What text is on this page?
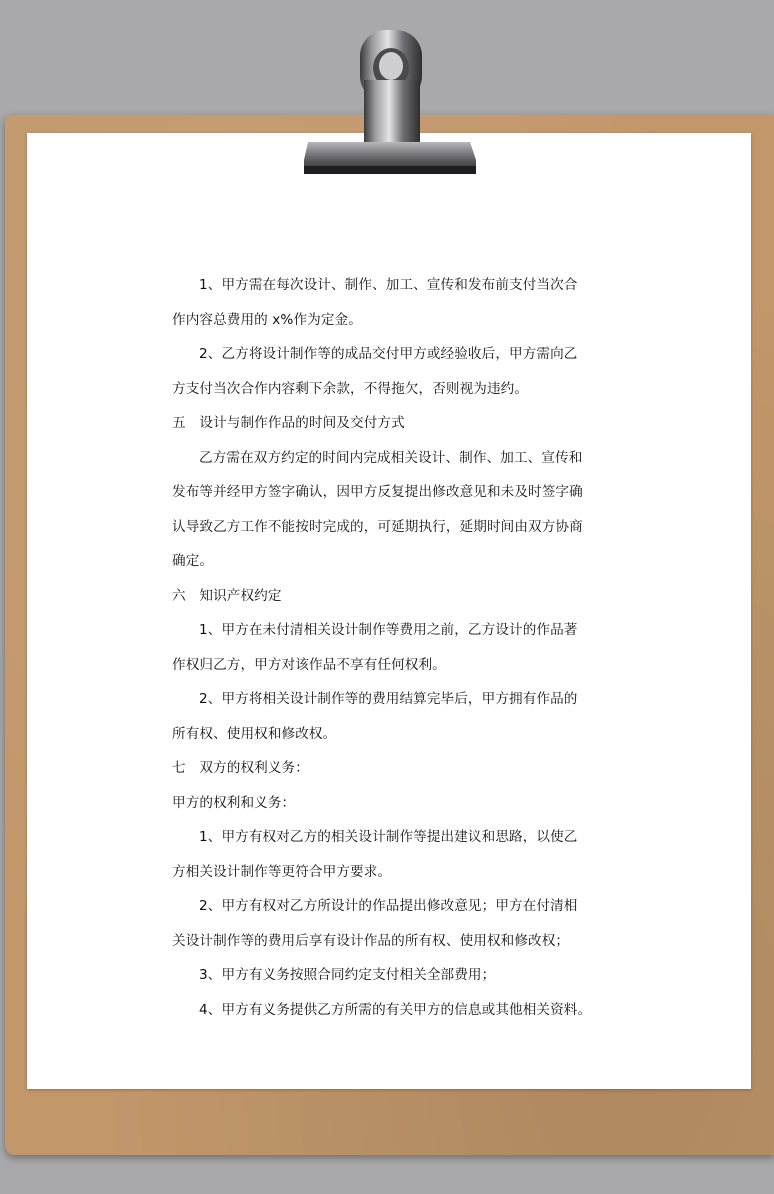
1、甲方需在每次设计、制作、加工、宣传和发布前支付当次合
作内容总费用的 x%作为定金。
2、乙方将设计制作等的成品交付甲方或经验收后，甲方需向乙
方支付当次合作内容剩下余款，不得拖欠，否则视为违约。
五　设计与制作作品的时间及交付方式
乙方需在双方约定的时间内完成相关设计、制作、加工、宣传和
发布等并经甲方签字确认，因甲方反复提出修改意见和未及时签字确
认导致乙方工作不能按时完成的，可延期执行，延期时间由双方协商
确定。
六　知识产权约定
1、甲方在未付清相关设计制作等费用之前，乙方设计的作品著
作权归乙方，甲方对该作品不享有任何权利。
2、甲方将相关设计制作等的费用结算完毕后，甲方拥有作品的
所有权、使用权和修改权。
七　双方的权利义务：
甲方的权利和义务：
1、甲方有权对乙方的相关设计制作等提出建议和思路，以使乙
方相关设计制作等更符合甲方要求。
2、甲方有权对乙方所设计的作品提出修改意见；甲方在付清相
关设计制作等的费用后享有设计作品的所有权、使用权和修改权；
3、甲方有义务按照合同约定支付相关全部费用；
4、甲方有义务提供乙方所需的有关甲方的信息或其他相关资料。
